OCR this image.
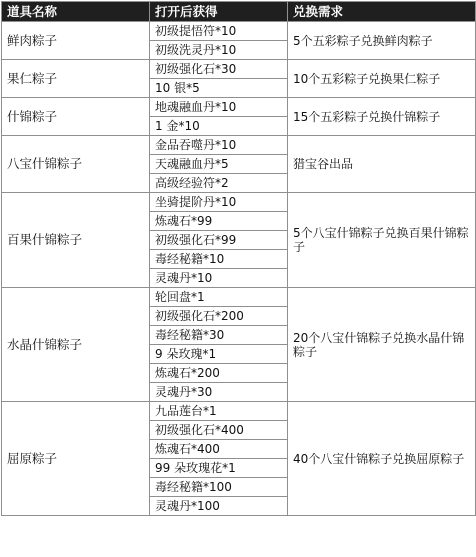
道具名称	打开后获得	兑换需求
鲜肉粽子	初级提悟符*10	5个五彩粽子兑换鲜肉粽子
	初级洗灵丹*10	
果仁粽子	初级强化石*30	10个五彩粽子兑换果仁粽子
	10 银*5	
什锦粽子	地魂融血丹*10	15个五彩粽子兑换什锦粽子
	1 金*10	
八宝什锦粽子	金品吞噬丹*10	猎宝谷出品
	天魂融血丹*5	
	高级经验符*2	
百果什锦粽子	坐骑提阶丹*10	5个八宝什锦粽子兑换百果什锦粽子
	炼魂石*99	
	初级强化石*99	
	毒经秘籍*10	
	灵魂丹*10	
水晶什锦粽子	轮回盘*1	20个八宝什锦粽子兑换水晶什锦粽子
	初级强化石*200	
	毒经秘籍*30	
	9 朵玫瑰*1	
	炼魂石*200	
	灵魂丹*30	
屈原粽子	九品莲台*1	40个八宝什锦粽子兑换屈原粽子
	初级强化石*400	
	炼魂石*400	
	99 朵玫瑰花*1	
	毒经秘籍*100	
	灵魂丹*100	
